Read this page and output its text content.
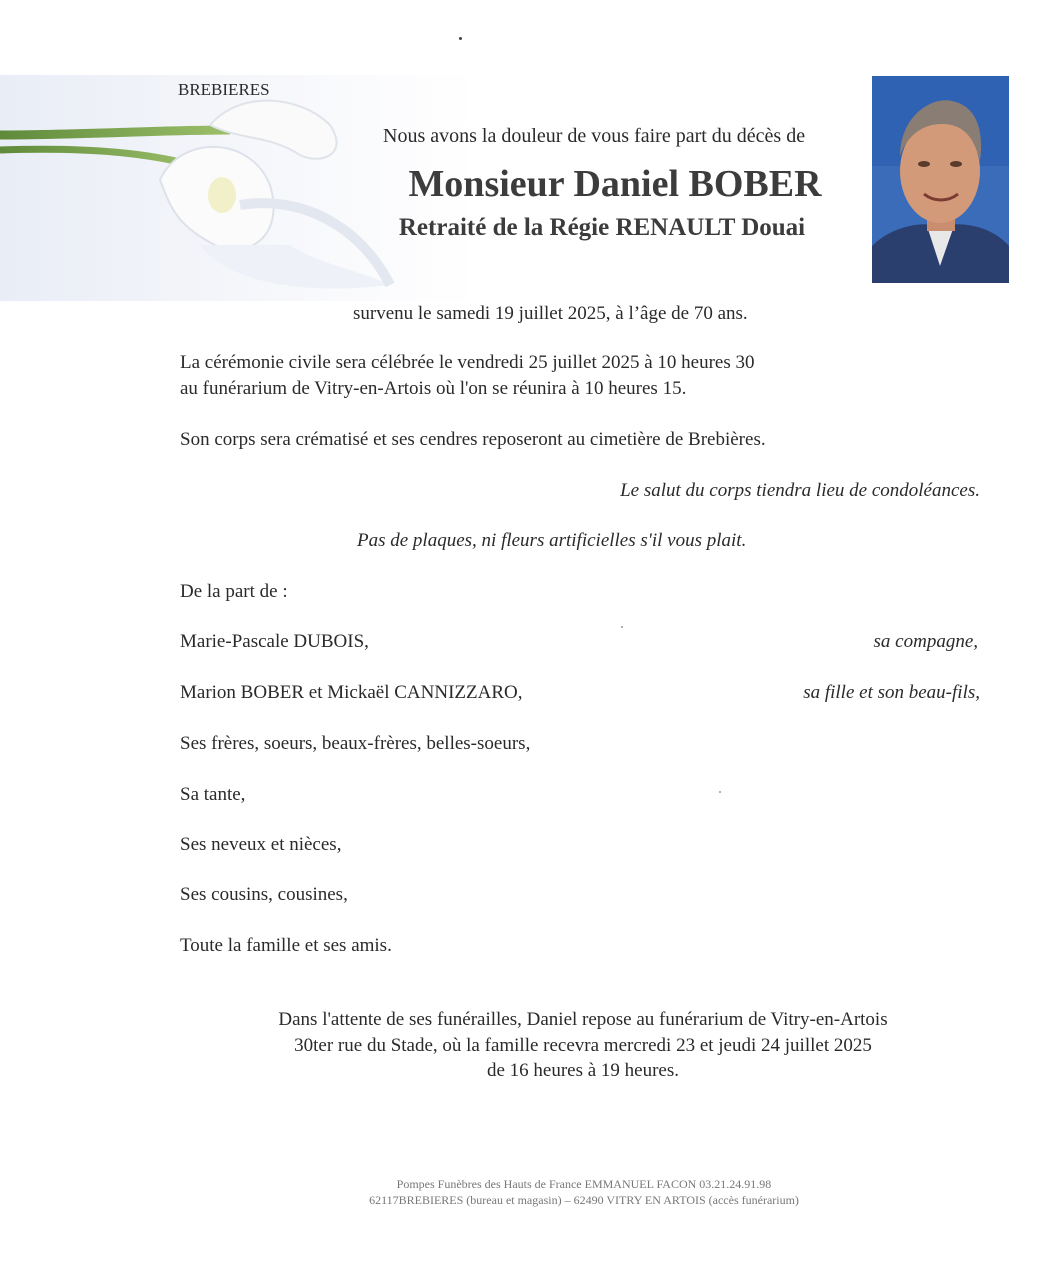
BREBIERES
Nous avons la douleur de vous faire part du décès de
Monsieur Daniel BOBER
Retraité de la Régie RENAULT Douai
survenu le samedi 19 juillet 2025, à l’âge de 70 ans.
La cérémonie civile sera célébrée le vendredi 25 juillet 2025 à 10 heures 30
au funérarium de Vitry-en-Artois où l'on se réunira à 10 heures 15.
Son corps sera crématisé et ses cendres reposeront au cimetière de Brebières.
Le salut du corps tiendra lieu de condoléances.
Pas de plaques, ni fleurs artificielles s'il vous plait.
De la part de :
Marie-Pascale DUBOIS,	sa compagne,
Marion BOBER et Mickaël CANNIZZARO,	sa fille et son beau-fils,
Ses frères, soeurs, beaux-frères, belles-soeurs,
Sa tante,
Ses neveux et nièces,
Ses cousins, cousines,
Toute la famille et ses amis.
Dans l'attente de ses funérailles, Daniel repose au funérarium de Vitry-en-Artois
30ter rue du Stade, où la famille recevra mercredi 23 et jeudi 24 juillet 2025
de 16 heures à 19 heures.
Pompes Funèbres des Hauts de France EMMANUEL FACON 03.21.24.91.98
62117BREBIERES (bureau et magasin) – 62490 VITRY EN ARTOIS (accès funérarium)
